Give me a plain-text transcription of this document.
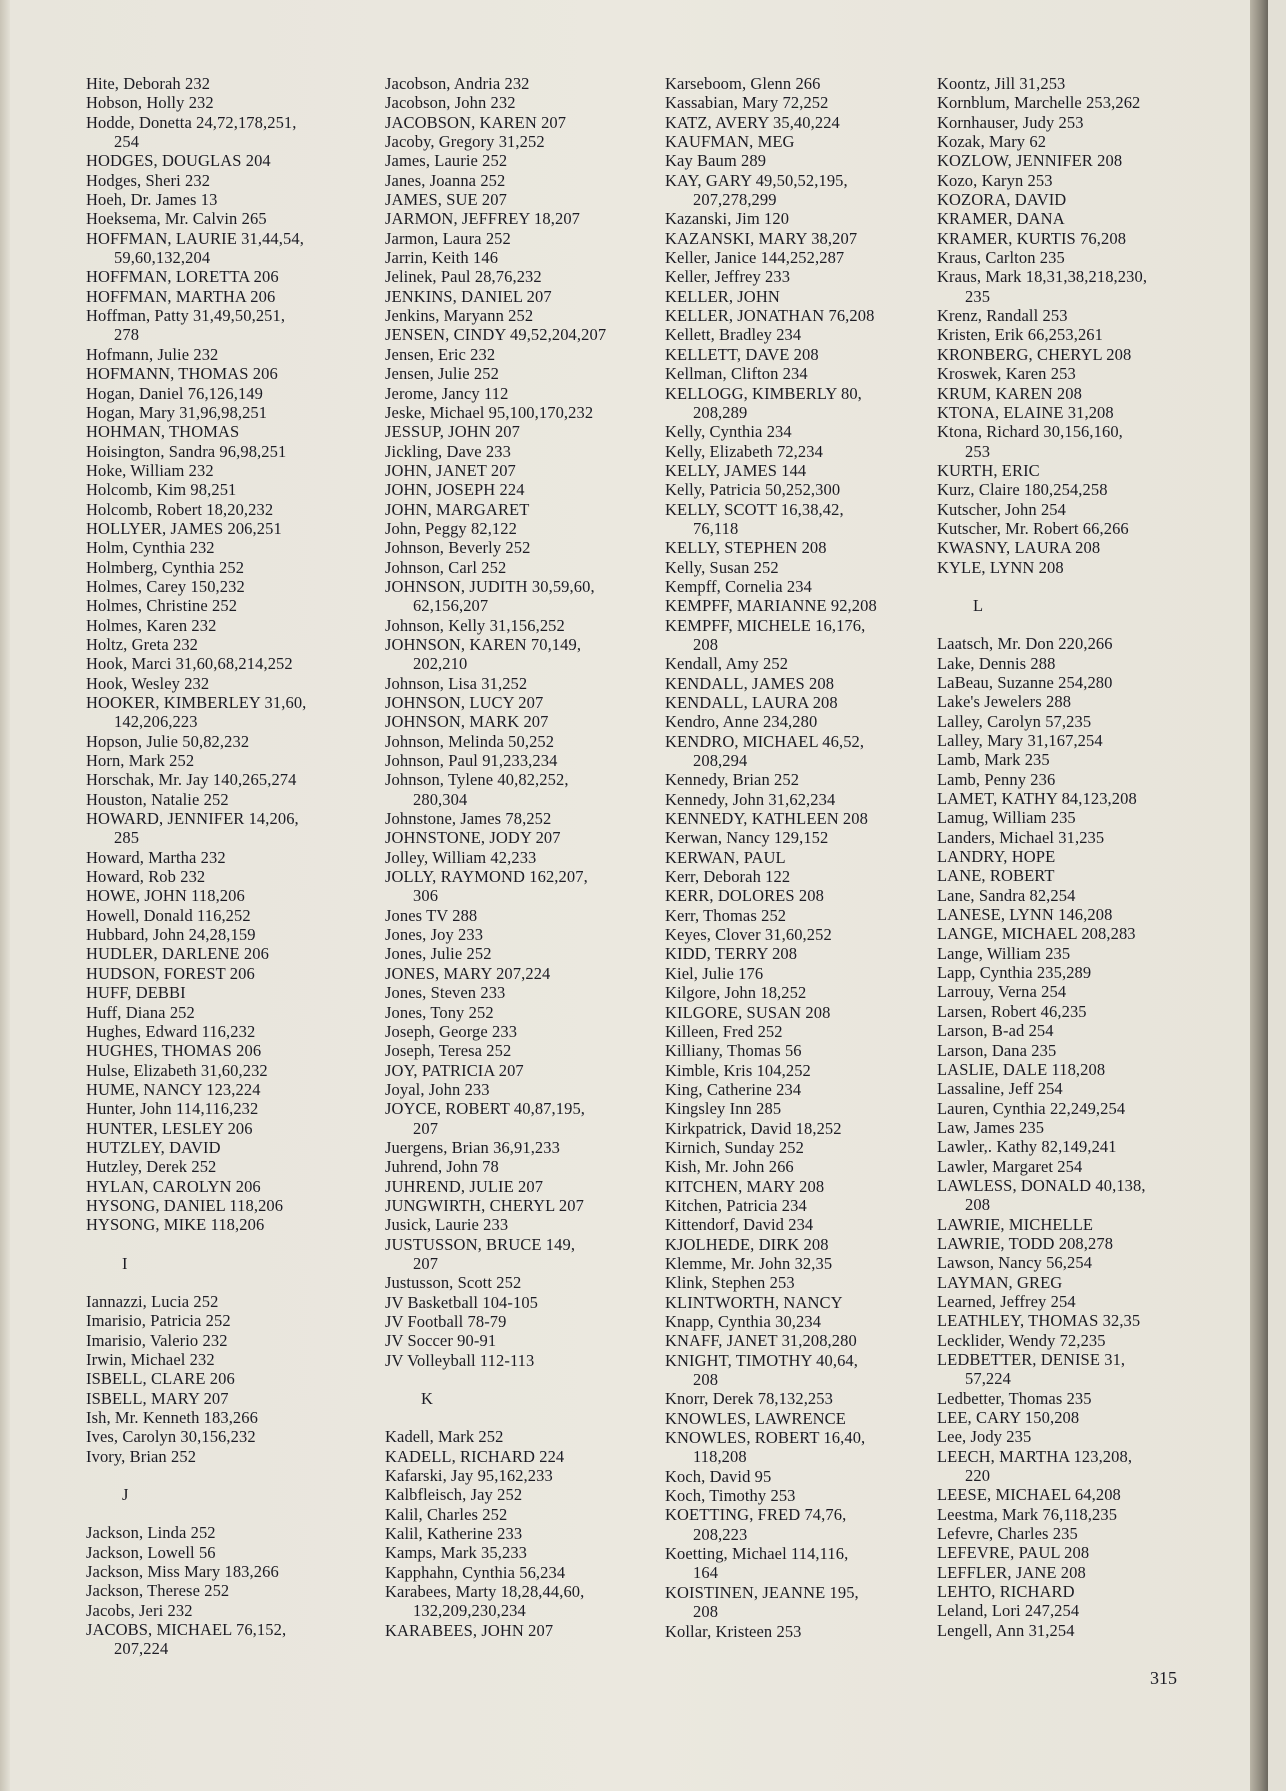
Hite, Deborah 232
Hobson, Holly 232
Hodde, Donetta 24,72,178,251,
254
HODGES, DOUGLAS 204
Hodges, Sheri 232
Hoeh, Dr. James 13
Hoeksema, Mr. Calvin 265
HOFFMAN, LAURIE 31,44,54,
59,60,132,204
HOFFMAN, LORETTA 206
HOFFMAN, MARTHA 206
Hoffman, Patty 31,49,50,251,
278
Hofmann, Julie 232
HOFMANN, THOMAS 206
Hogan, Daniel 76,126,149
Hogan, Mary 31,96,98,251
HOHMAN, THOMAS
Hoisington, Sandra 96,98,251
Hoke, William 232
Holcomb, Kim 98,251
Holcomb, Robert 18,20,232
HOLLYER, JAMES 206,251
Holm, Cynthia 232
Holmberg, Cynthia 252
Holmes, Carey 150,232
Holmes, Christine 252
Holmes, Karen 232
Holtz, Greta 232
Hook, Marci 31,60,68,214,252
Hook, Wesley 232
HOOKER, KIMBERLEY 31,60,
142,206,223
Hopson, Julie 50,82,232
Horn, Mark 252
Horschak, Mr. Jay 140,265,274
Houston, Natalie 252
HOWARD, JENNIFER 14,206,
285
Howard, Martha 232
Howard, Rob 232
HOWE, JOHN 118,206
Howell, Donald 116,252
Hubbard, John 24,28,159
HUDLER, DARLENE 206
HUDSON, FOREST 206
HUFF, DEBBI
Huff, Diana 252
Hughes, Edward 116,232
HUGHES, THOMAS 206
Hulse, Elizabeth 31,60,232
HUME, NANCY 123,224
Hunter, John 114,116,232
HUNTER, LESLEY 206
HUTZLEY, DAVID
Hutzley, Derek 252
HYLAN, CAROLYN 206
HYSONG, DANIEL 118,206
HYSONG, MIKE 118,206
I
Iannazzi, Lucia 252
Imarisio, Patricia 252
Imarisio, Valerio 232
Irwin, Michael 232
ISBELL, CLARE 206
ISBELL, MARY 207
Ish, Mr. Kenneth 183,266
Ives, Carolyn 30,156,232
Ivory, Brian 252
J
Jackson, Linda 252
Jackson, Lowell 56
Jackson, Miss Mary 183,266
Jackson, Therese 252
Jacobs, Jeri 232
JACOBS, MICHAEL 76,152,
207,224
Jacobson, Andria 232
Jacobson, John 232
JACOBSON, KAREN 207
Jacoby, Gregory 31,252
James, Laurie 252
Janes, Joanna 252
JAMES, SUE 207
JARMON, JEFFREY 18,207
Jarmon, Laura 252
Jarrin, Keith 146
Jelinek, Paul 28,76,232
JENKINS, DANIEL 207
Jenkins, Maryann 252
JENSEN, CINDY 49,52,204,207
Jensen, Eric 232
Jensen, Julie 252
Jerome, Jancy 112
Jeske, Michael 95,100,170,232
JESSUP, JOHN 207
Jickling, Dave 233
JOHN, JANET 207
JOHN, JOSEPH 224
JOHN, MARGARET
John, Peggy 82,122
Johnson, Beverly 252
Johnson, Carl 252
JOHNSON, JUDITH 30,59,60,
62,156,207
Johnson, Kelly 31,156,252
JOHNSON, KAREN 70,149,
202,210
Johnson, Lisa 31,252
JOHNSON, LUCY 207
JOHNSON, MARK 207
Johnson, Melinda 50,252
Johnson, Paul 91,233,234
Johnson, Tylene 40,82,252,
280,304
Johnstone, James 78,252
JOHNSTONE, JODY 207
Jolley, William 42,233
JOLLY, RAYMOND 162,207,
306
Jones TV 288
Jones, Joy 233
Jones, Julie 252
JONES, MARY 207,224
Jones, Steven 233
Jones, Tony 252
Joseph, George 233
Joseph, Teresa 252
JOY, PATRICIA 207
Joyal, John 233
JOYCE, ROBERT 40,87,195,
207
Juergens, Brian 36,91,233
Juhrend, John 78
JUHREND, JULIE 207
JUNGWIRTH, CHERYL 207
Jusick, Laurie 233
JUSTUSSON, BRUCE 149,
207
Justusson, Scott 252
JV Basketball 104-105
JV Football 78-79
JV Soccer 90-91
JV Volleyball 112-113
K
Kadell, Mark 252
KADELL, RICHARD 224
Kafarski, Jay 95,162,233
Kalbfleisch, Jay 252
Kalil, Charles 252
Kalil, Katherine 233
Kamps, Mark 35,233
Kapphahn, Cynthia 56,234
Karabees, Marty 18,28,44,60,
132,209,230,234
KARABEES, JOHN 207
Karseboom, Glenn 266
Kassabian, Mary 72,252
KATZ, AVERY 35,40,224
KAUFMAN, MEG
Kay Baum 289
KAY, GARY 49,50,52,195,
207,278,299
Kazanski, Jim 120
KAZANSKI, MARY 38,207
Keller, Janice 144,252,287
Keller, Jeffrey 233
KELLER, JOHN
KELLER, JONATHAN 76,208
Kellett, Bradley 234
KELLETT, DAVE 208
Kellman, Clifton 234
KELLOGG, KIMBERLY 80,
208,289
Kelly, Cynthia 234
Kelly, Elizabeth 72,234
KELLY, JAMES 144
Kelly, Patricia 50,252,300
KELLY, SCOTT 16,38,42,
76,118
KELLY, STEPHEN 208
Kelly, Susan 252
Kempff, Cornelia 234
KEMPFF, MARIANNE 92,208
KEMPFF, MICHELE 16,176,
208
Kendall, Amy 252
KENDALL, JAMES 208
KENDALL, LAURA 208
Kendro, Anne 234,280
KENDRO, MICHAEL 46,52,
208,294
Kennedy, Brian 252
Kennedy, John 31,62,234
KENNEDY, KATHLEEN 208
Kerwan, Nancy 129,152
KERWAN, PAUL
Kerr, Deborah 122
KERR, DOLORES 208
Kerr, Thomas 252
Keyes, Clover 31,60,252
KIDD, TERRY 208
Kiel, Julie 176
Kilgore, John 18,252
KILGORE, SUSAN 208
Killeen, Fred 252
Killiany, Thomas 56
Kimble, Kris 104,252
King, Catherine 234
Kingsley Inn 285
Kirkpatrick, David 18,252
Kirnich, Sunday 252
Kish, Mr. John 266
KITCHEN, MARY 208
Kitchen, Patricia 234
Kittendorf, David 234
KJOLHEDE, DIRK 208
Klemme, Mr. John 32,35
Klink, Stephen 253
KLINTWORTH, NANCY
Knapp, Cynthia 30,234
KNAFF, JANET 31,208,280
KNIGHT, TIMOTHY 40,64,
208
Knorr, Derek 78,132,253
KNOWLES, LAWRENCE
KNOWLES, ROBERT 16,40,
118,208
Koch, David 95
Koch, Timothy 253
KOETTING, FRED 74,76,
208,223
Koetting, Michael 114,116,
164
KOISTINEN, JEANNE 195,
208
Kollar, Kristeen 253
Koontz, Jill 31,253
Kornblum, Marchelle 253,262
Kornhauser, Judy 253
Kozak, Mary 62
KOZLOW, JENNIFER 208
Kozo, Karyn 253
KOZORA, DAVID
KRAMER, DANA
KRAMER, KURTIS 76,208
Kraus, Carlton 235
Kraus, Mark 18,31,38,218,230,
235
Krenz, Randall 253
Kristen, Erik 66,253,261
KRONBERG, CHERYL 208
Kroswek, Karen 253
KRUM, KAREN 208
KTONA, ELAINE 31,208
Ktona, Richard 30,156,160,
253
KURTH, ERIC
Kurz, Claire 180,254,258
Kutscher, John 254
Kutscher, Mr. Robert 66,266
KWASNY, LAURA 208
KYLE, LYNN 208
L
Laatsch, Mr. Don 220,266
Lake, Dennis 288
LaBeau, Suzanne 254,280
Lake's Jewelers 288
Lalley, Carolyn 57,235
Lalley, Mary 31,167,254
Lamb, Mark 235
Lamb, Penny 236
LAMET, KATHY 84,123,208
Lamug, William 235
Landers, Michael 31,235
LANDRY, HOPE
LANE, ROBERT
Lane, Sandra 82,254
LANESE, LYNN 146,208
LANGE, MICHAEL 208,283
Lange, William 235
Lapp, Cynthia 235,289
Larrouy, Verna 254
Larsen, Robert 46,235
Larson, B-ad 254
Larson, Dana 235
LASLIE, DALE 118,208
Lassaline, Jeff 254
Lauren, Cynthia 22,249,254
Law, James 235
Lawler,. Kathy 82,149,241
Lawler, Margaret 254
LAWLESS, DONALD 40,138,
208
LAWRIE, MICHELLE
LAWRIE, TODD 208,278
Lawson, Nancy 56,254
LAYMAN, GREG
Learned, Jeffrey 254
LEATHLEY, THOMAS 32,35
Lecklider, Wendy 72,235
LEDBETTER, DENISE 31,
57,224
Ledbetter, Thomas 235
LEE, CARY 150,208
Lee, Jody 235
LEECH, MARTHA 123,208,
220
LEESE, MICHAEL 64,208
Leestma, Mark 76,118,235
Lefevre, Charles 235
LEFEVRE, PAUL 208
LEFFLER, JANE 208
LEHTO, RICHARD
Leland, Lori 247,254
Lengell, Ann 31,254
315
